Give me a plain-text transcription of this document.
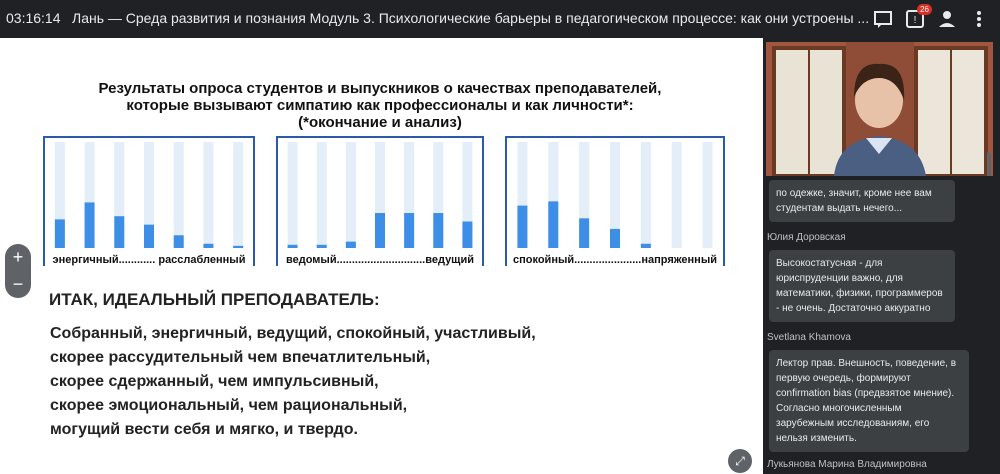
03:16:14 Лань — Среда развития и познания Модуль 3. Психологические барьеры в педагогическом процессе: как они устроены ...	!
26
Результаты опроса студентов и выпускников о качествах преподавателей,
которые вызывают симпатию как профессионалы и как личности*:
(*окончание и анализ)
энергичный............ расслабленный	ведомый.............................ведущий	спокойный......................напряженный
ИТАК, ИДЕАЛЬНЫЙ ПРЕПОДАВАТЕЛЬ:
Собранный, энергичный, ведущий, спокойный, участливый,
скорее рассудительный чем впечатлительный,
скорее сдержанный, чем импульсивный,
скорее эмоциональный, чем рациональный,
могущий вести себя и мягко, и твердо.
+
−
⤢
по одежке, значит, кроме нее вам студентам выдать нечего...
Юлия Доровская
Высокостатусная - для юриспруденции важно, для математики, физики, программеров - не очень. Достаточно аккуратно
Svetlana Khamova
Лектор прав. Внешность, поведение, в первую очередь, формируют confirmation bias (предвзятое мнение). Согласно многочисленным зарубежным исследованиям, его нельзя изменить.
Лукьянова Марина Владимировна
